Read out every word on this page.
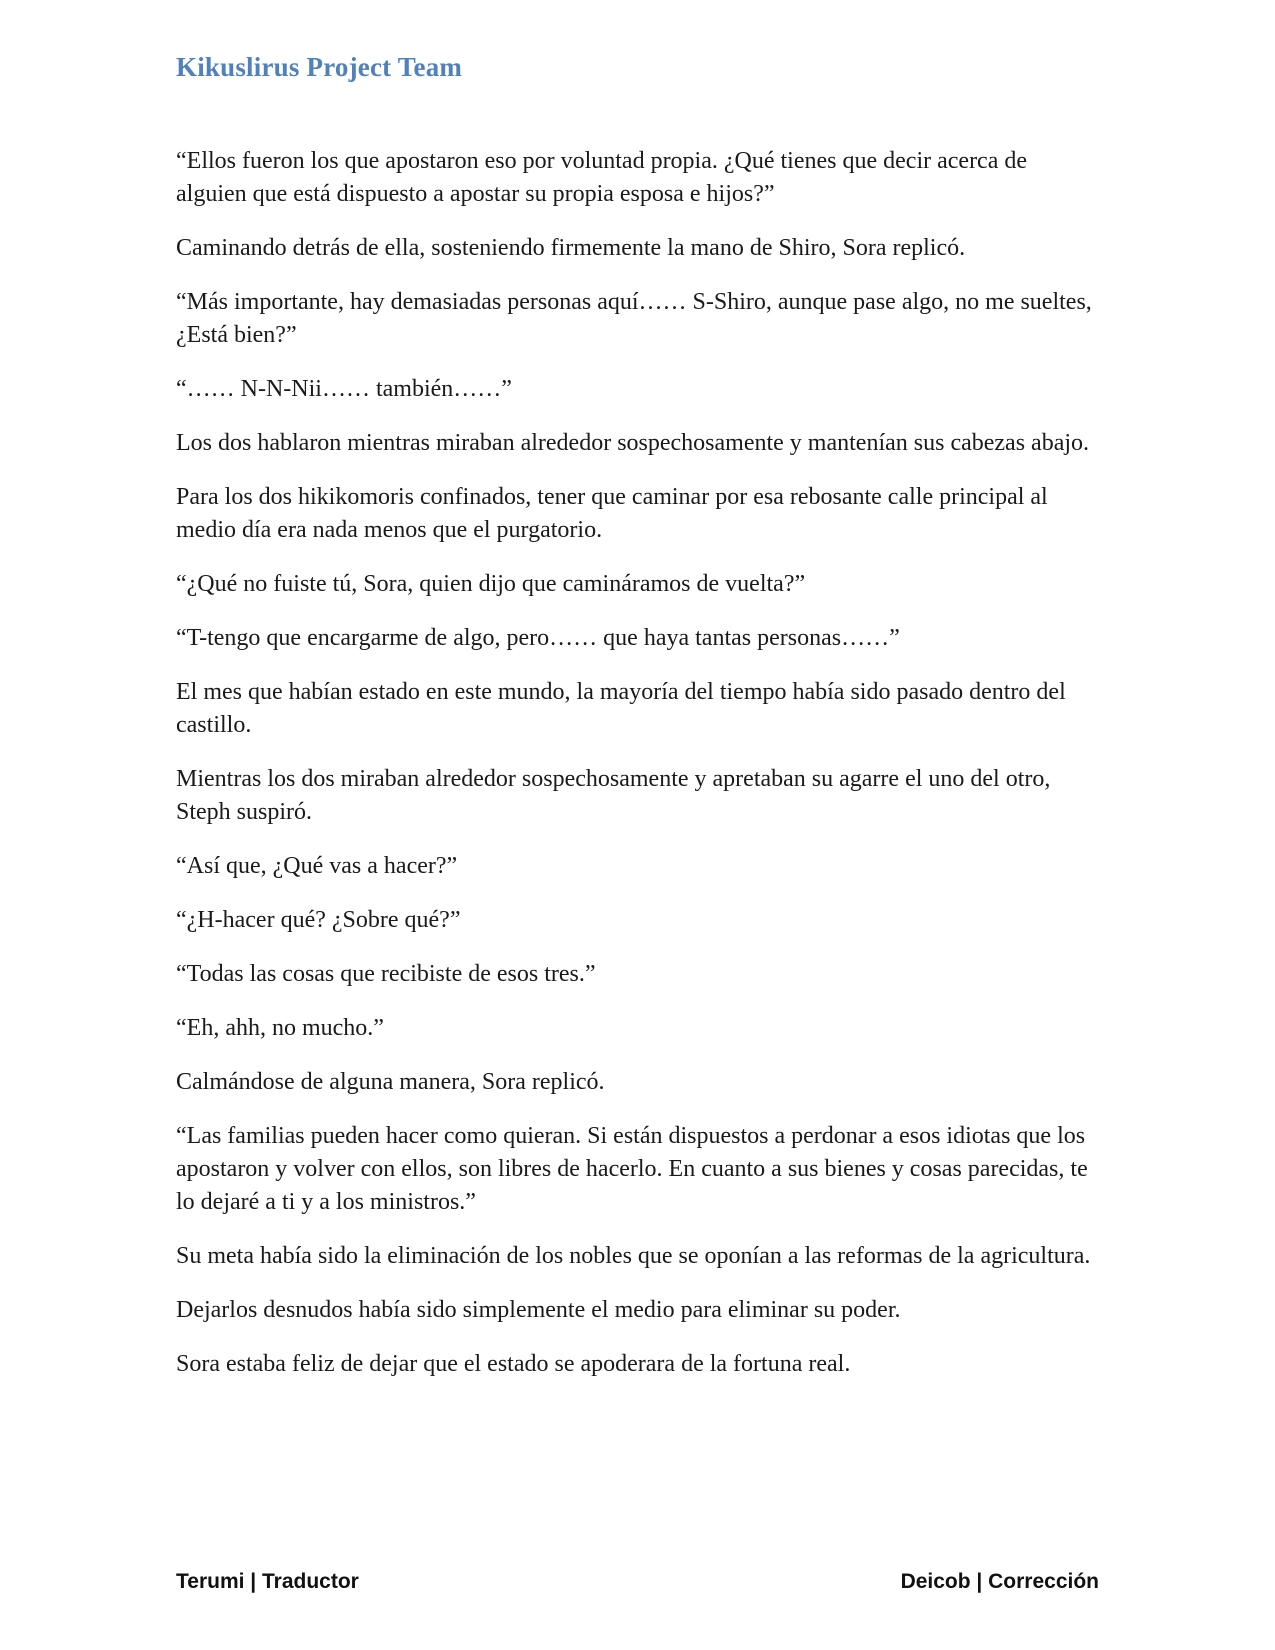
Kikuslirus Project Team

“Ellos fueron los que apostaron eso por voluntad propia. ¿Qué tienes que decir acerca de alguien que está dispuesto a apostar su propia esposa e hijos?”

Caminando detrás de ella, sosteniendo firmemente la mano de Shiro, Sora replicó.

“Más importante, hay demasiadas personas aquí…… S-Shiro, aunque pase algo, no me sueltes, ¿Está bien?”

“…… N-N-Nii…… también……”

Los dos hablaron mientras miraban alrededor sospechosamente y mantenían sus cabezas abajo.

Para los dos hikikomoris confinados, tener que caminar por esa rebosante calle principal al medio día era nada menos que el purgatorio.

“¿Qué no fuiste tú, Sora, quien dijo que camináramos de vuelta?”

“T-tengo que encargarme de algo, pero…… que haya tantas personas……”

El mes que habían estado en este mundo, la mayoría del tiempo había sido pasado dentro del castillo.

Mientras los dos miraban alrededor sospechosamente y apretaban su agarre el uno del otro, Steph suspiró.

“Así que, ¿Qué vas a hacer?”

“¿H-hacer qué? ¿Sobre qué?”

“Todas las cosas que recibiste de esos tres.”

“Eh, ahh, no mucho.”

Calmándose de alguna manera, Sora replicó.

“Las familias pueden hacer como quieran. Si están dispuestos a perdonar a esos idiotas que los apostaron y volver con ellos, son libres de hacerlo. En cuanto a sus bienes y cosas parecidas, te lo dejaré a ti y a los ministros.”

Su meta había sido la eliminación de los nobles que se oponían a las reformas de la agricultura.

Dejarlos desnudos había sido simplemente el medio para eliminar su poder.

Sora estaba feliz de dejar que el estado se apoderara de la fortuna real.

Terumi | Traductor	Deicob | Corrección
